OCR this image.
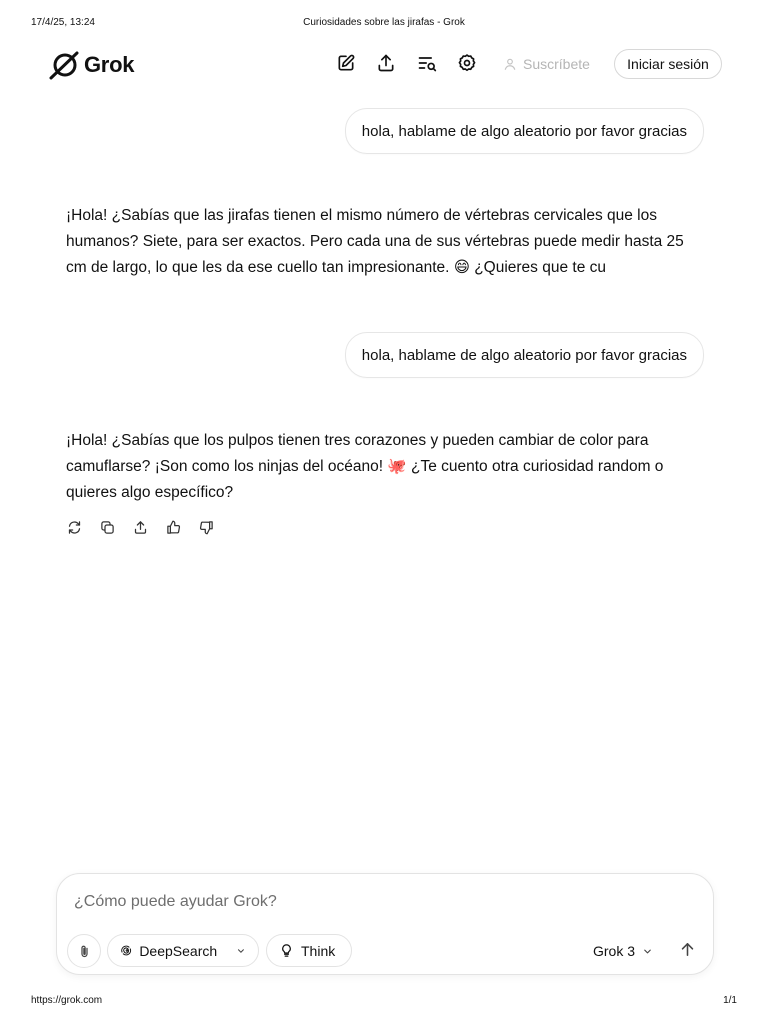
17/4/25, 13:24	Curiosidades sobre las jirafas - Grok
Grok	Suscríbete	Iniciar sesión
hola, hablame de algo aleatorio por favor gracias
¡Hola! ¿Sabías que las jirafas tienen el mismo número de vértebras cervicales que los humanos? Siete, para ser exactos. Pero cada una de sus vértebras puede medir hasta 25 cm de largo, lo que les da ese cuello tan impresionante. 😄 ¿Quieres que te cu
hola, hablame de algo aleatorio por favor gracias
¡Hola! ¿Sabías que los pulpos tienen tres corazones y pueden cambiar de color para camuflarse? ¡Son como los ninjas del océano! 🐙 ¿Te cuento otra curiosidad random o quieres algo específico?
¿Cómo puede ayudar Grok?
DeepSearch	Think	Grok 3
https://grok.com	1/1
